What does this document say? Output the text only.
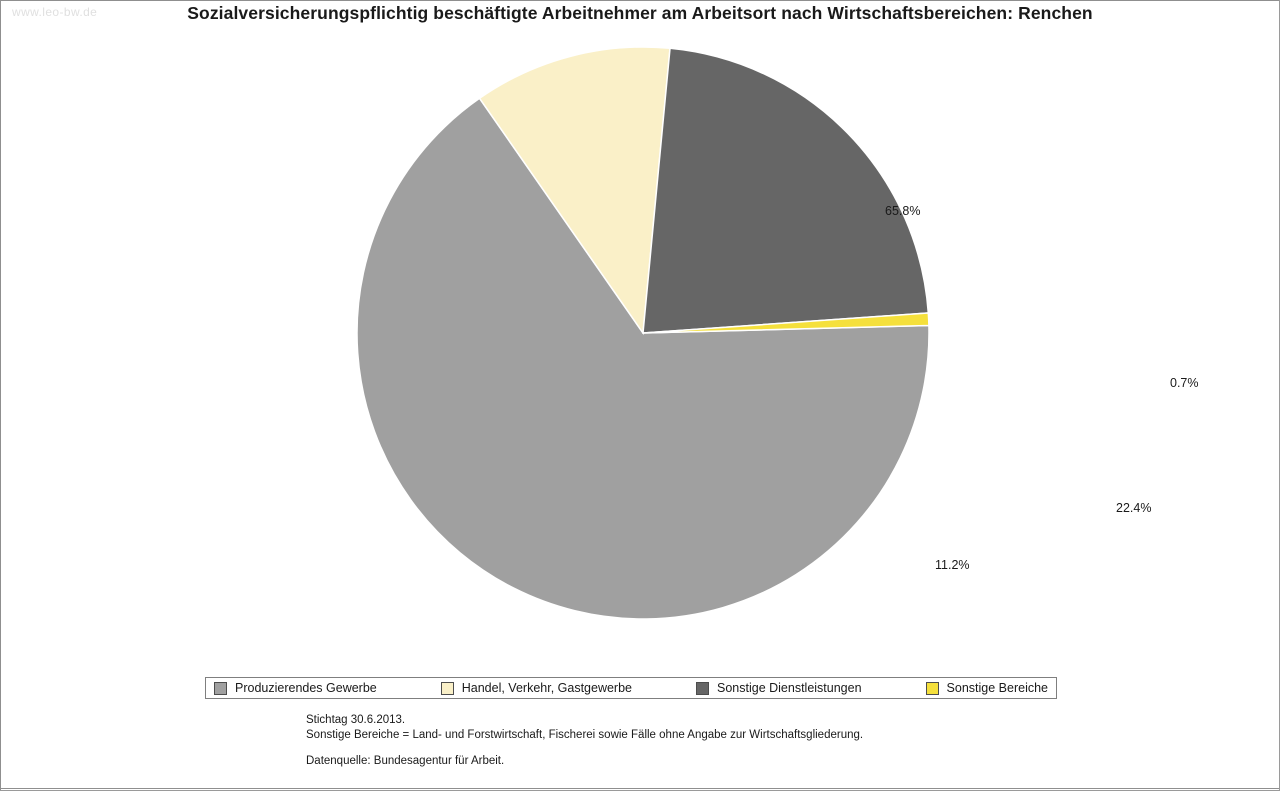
www.leo-bw.de	Sozialversicherungspflichtig beschäftigte Arbeitnehmer am Arbeitsort nach Wirtschaftsbereichen: Renchen
65.8%
11.2%
22.4%
0.7%
Produzierendes Gewerbe	Handel, Verkehr, Gastgewerbe	Sonstige Dienstleistungen	Sonstige Bereiche
Stichtag 30.6.2013.
Sonstige Bereiche = Land- und Forstwirtschaft, Fischerei sowie Fälle ohne Angabe zur Wirtschaftsgliederung.
Datenquelle: Bundesagentur für Arbeit.
